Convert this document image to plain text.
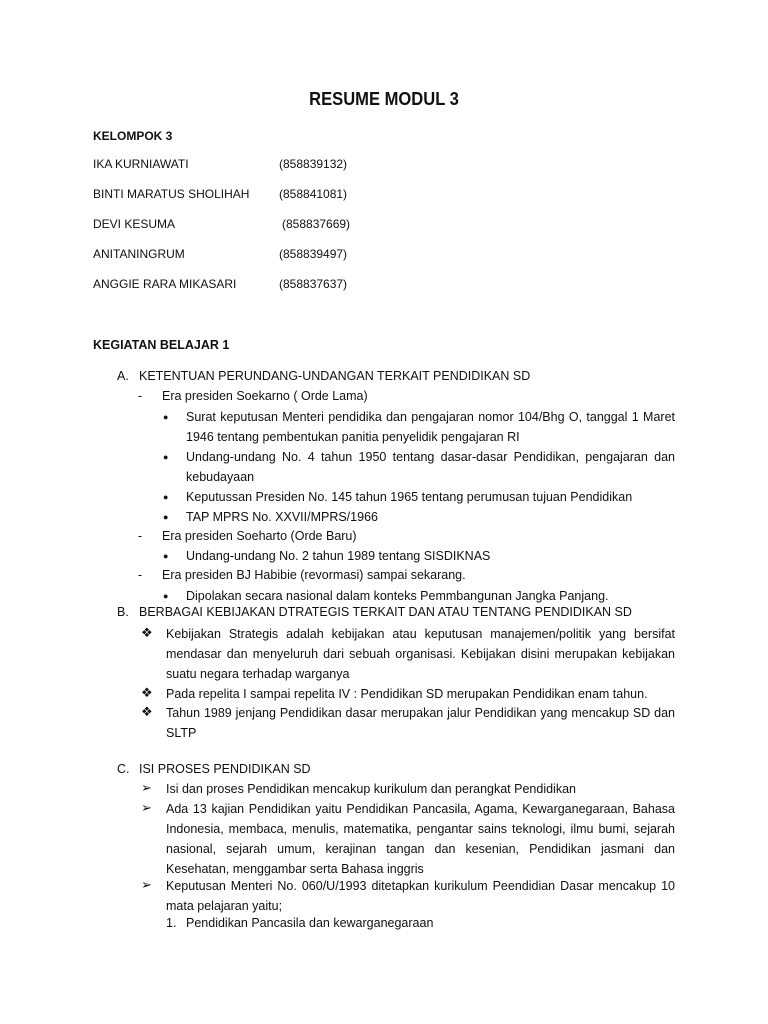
RESUME MODUL 3
KELOMPOK 3
IKA KURNIAWATI	(858839132)
BINTI MARATUS SHOLIHAH (858841081)
DEVI KESUMA	(858837669)
ANITANINGRUM	(858839497)
ANGGIE RARA MIKASARI	(858837637)
KEGIATAN BELAJAR 1
A. KETENTUAN PERUNDANG-UNDANGAN TERKAIT PENDIDIKAN SD
- Era presiden Soekarno ( Orde Lama)
● Surat keputusan Menteri pendidika dan pengajaran nomor 104/Bhg O, tanggal 1 Maret 1946 tentang pembentukan panitia penyelidik pengajaran RI
● Undang-undang No. 4 tahun 1950 tentang dasar-dasar Pendidikan, pengajaran dan kebudayaan
● Keputussan Presiden No. 145 tahun 1965 tentang perumusan tujuan Pendidikan
● TAP MPRS No. XXVII/MPRS/1966
- Era presiden Soeharto (Orde Baru)
● Undang-undang No. 2 tahun 1989 tentang SISDIKNAS
- Era presiden BJ Habibie (revormasi) sampai sekarang.
● Dipolakan secara nasional dalam konteks Pemmbangunan Jangka Panjang.
B. BERBAGAI KEBIJAKAN DTRATEGIS TERKAIT DAN ATAU TENTANG PENDIDIKAN SD
❖ Kebijakan Strategis adalah kebijakan atau keputusan manajemen/politik yang bersifat mendasar dan menyeluruh dari sebuah organisasi. Kebijakan disini merupakan kebijakan suatu negara terhadap warganya
❖ Pada repelita I sampai repelita IV : Pendidikan SD merupakan Pendidikan enam tahun.
❖ Tahun 1989 jenjang Pendidikan dasar merupakan jalur Pendidikan yang mencakup SD dan SLTP
C. ISI PROSES PENDIDIKAN SD
➢ Isi dan proses Pendidikan mencakup kurikulum dan perangkat Pendidikan
➢ Ada 13 kajian Pendidikan yaitu Pendidikan Pancasila, Agama, Kewarganegaraan, Bahasa Indonesia, membaca, menulis, matematika, pengantar sains teknologi, ilmu bumi, sejarah nasional, sejarah umum, kerajinan tangan dan kesenian, Pendidikan jasmani dan Kesehatan, menggambar serta Bahasa inggris
➢ Keputusan Menteri No. 060/U/1993 ditetapkan kurikulum Peendidian Dasar mencakup 10 mata pelajaran yaitu;
1. Pendidikan Pancasila dan kewarganegaraan
